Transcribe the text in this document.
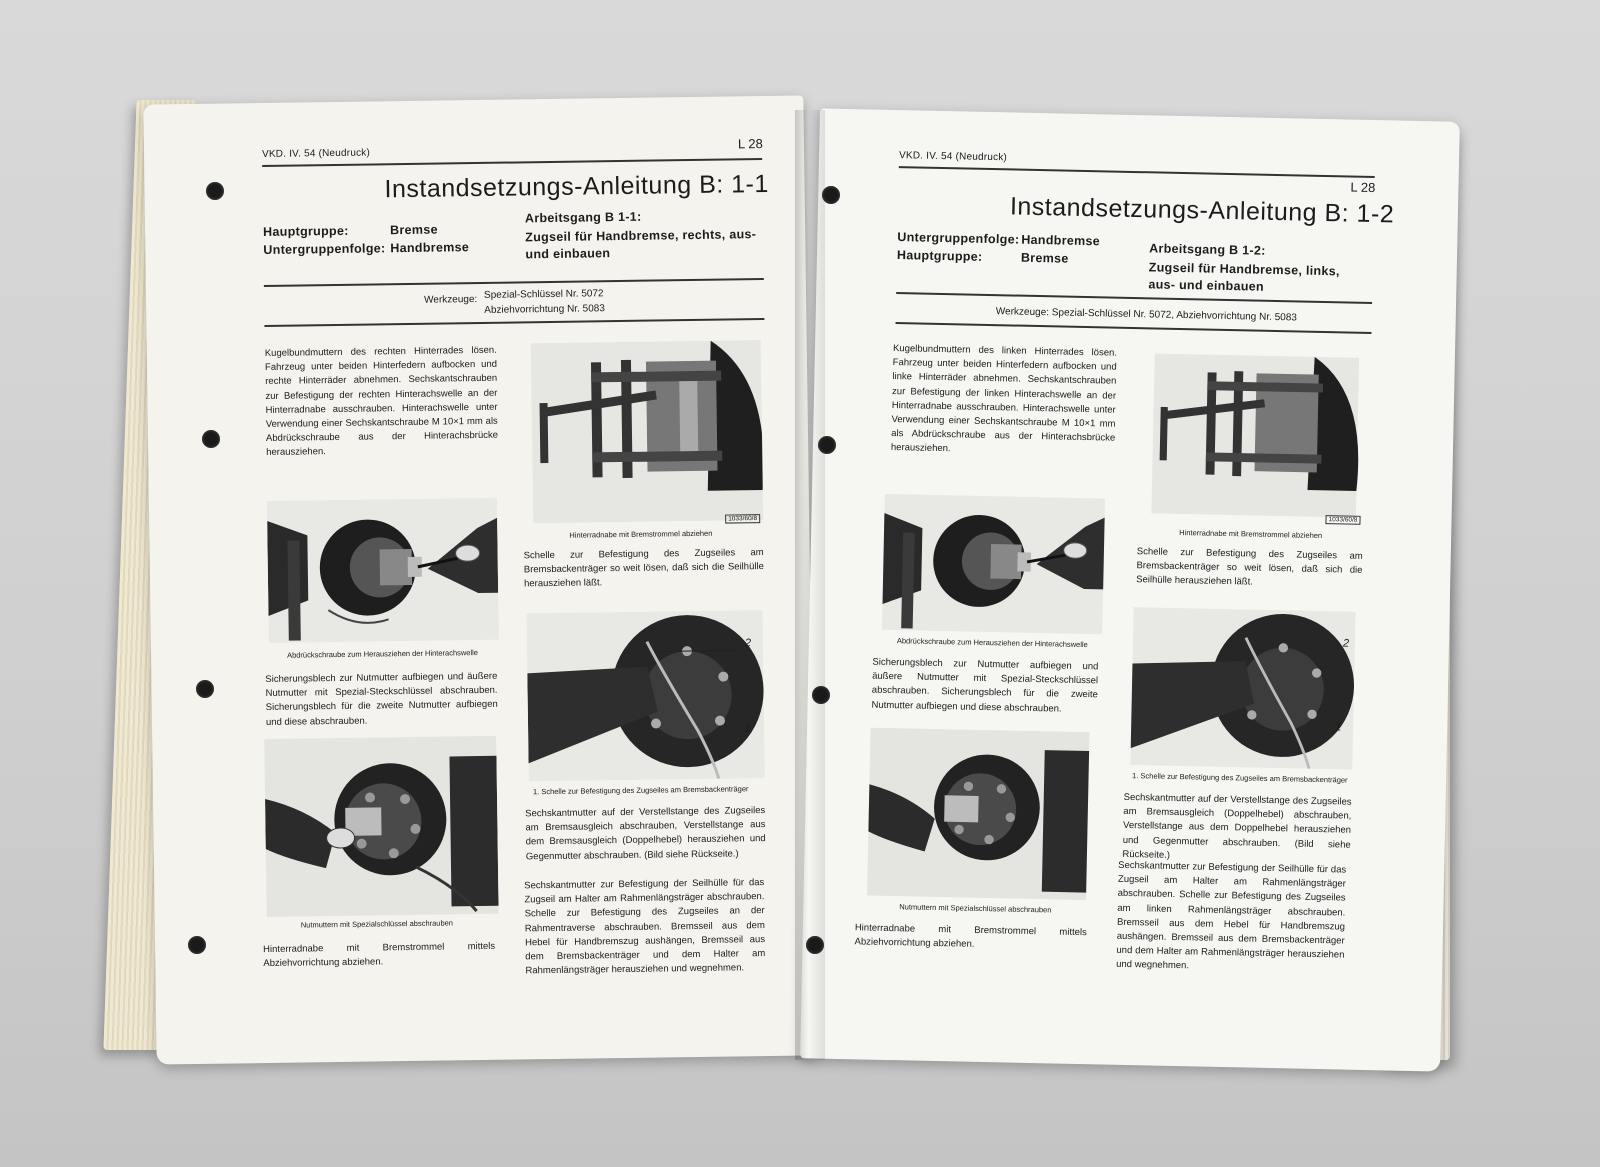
VKD. IV. 54 (Neudruck)
L 28
Instandsetzungs-Anleitung B: 1-1
Hauptgruppe:	Bremse
Untergruppenfolge: Handbremse
Arbeitsgang B 1-1:
Zugseil für Handbremse, rechts, aus- und einbauen
Werkzeuge: Spezial-Schlüssel Nr. 5072
Abziehvorrichtung Nr. 5083
Kugelbundmuttern des rechten Hinterrades lösen. Fahrzeug unter beiden Hinterfedern aufbocken und rechte Hinterräder abnehmen. Sechskantschrauben zur Befestigung der rechten Hinterachswelle an der Hinterradnabe ausschrauben. Hinterachswelle unter Verwendung einer Sechskantschraube M 10×1 mm als Abdrückschraube aus der Hinterachsbrücke herausziehen.
Abdrückschraube zum Herausziehen der Hinterachswelle
Sicherungsblech zur Nutmutter aufbiegen und äußere Nutmutter mit Spezial-Steckschlüssel abschrauben. Sicherungsblech für die zweite Nutmutter aufbiegen und diese abschrauben.
Nutmuttern mit Spezialschlüssel abschrauben
Hinterradnabe mit Bremstrommel mittels Abziehvorrichtung abziehen.
1033/60/8
Hinterradnabe mit Bremstrommel abziehen
Schelle zur Befestigung des Zugseiles am Bremsbackenträger so weit lösen, daß sich die Seilhülle herausziehen läßt.
2
1
1. Schelle zur Befestigung des Zugseiles am Bremsbackenträger
Sechskantmutter auf der Verstellstange des Zugseiles am Bremsausgleich abschrauben, Verstellstange aus dem Bremsausgleich (Doppelhebel) herausziehen und Gegenmutter abschrauben. (Bild siehe Rückseite.)
Sechskantmutter zur Befestigung der Seilhülle für das Zugseil am Halter am Rahmenlängsträger abschrauben. Schelle zur Befestigung des Zugseiles an der Rahmentraverse abschrauben. Bremsseil aus dem Hebel für Handbremszug aushängen, Bremsseil aus dem Bremsbackenträger und dem Halter am Rahmenlängsträger herausziehen und wegnehmen.
VKD. IV. 54 (Neudruck)
L 28
Instandsetzungs-Anleitung B: 1-2
Untergruppenfolge: Handbremse
Hauptgruppe:	Bremse
Arbeitsgang B 1-2:
Zugseil für Handbremse, links, aus- und einbauen
Werkzeuge: Spezial-Schlüssel Nr. 5072, Abziehvorrichtung Nr. 5083
Kugelbundmuttern des linken Hinterrades lösen. Fahrzeug unter beiden Hinterfedern aufbocken und linke Hinterräder abnehmen. Sechskantschrauben zur Befestigung der linken Hinterachswelle an der Hinterradnabe ausschrauben. Hinterachswelle unter Verwendung einer Sechskantschraube M 10×1 mm als Abdrückschraube aus der Hinterachsbrücke herausziehen.
Abdrückschraube zum Herausziehen der Hinterachswelle
Sicherungsblech zur Nutmutter aufbiegen und äußere Nutmutter mit Spezial-Steckschlüssel abschrauben. Sicherungsblech für die zweite Nutmutter aufbiegen und diese abschrauben.
Nutmuttern mit Spezialschlüssel abschrauben
Hinterradnabe mit Bremstrommel mittels Abziehvorrichtung abziehen.
1033/60/8
Hinterradnabe mit Bremstrommel abziehen
Schelle zur Befestigung des Zugseiles am Bremsbackenträger so weit lösen, daß sich die Seilhülle herausziehen läßt.
2
1
1. Schelle zur Befestigung des Zugseiles am Bremsbackenträger
Sechskantmutter auf der Verstellstange des Zugseiles am Bremsausgleich (Doppelhebel) abschrauben, Verstellstange aus dem Doppelhebel herausziehen und Gegenmutter abschrauben. (Bild siehe Rückseite.)
Sechskantmutter zur Befestigung der Seilhülle für das Zugseil am Halter am Rahmenlängsträger abschrauben. Schelle zur Befestigung des Zugseiles am linken Rahmenlängsträger abschrauben. Bremsseil aus dem Hebel für Handbremszug aushängen. Bremsseil aus dem Bremsbackenträger und dem Halter am Rahmenlängsträger herausziehen und wegnehmen.
